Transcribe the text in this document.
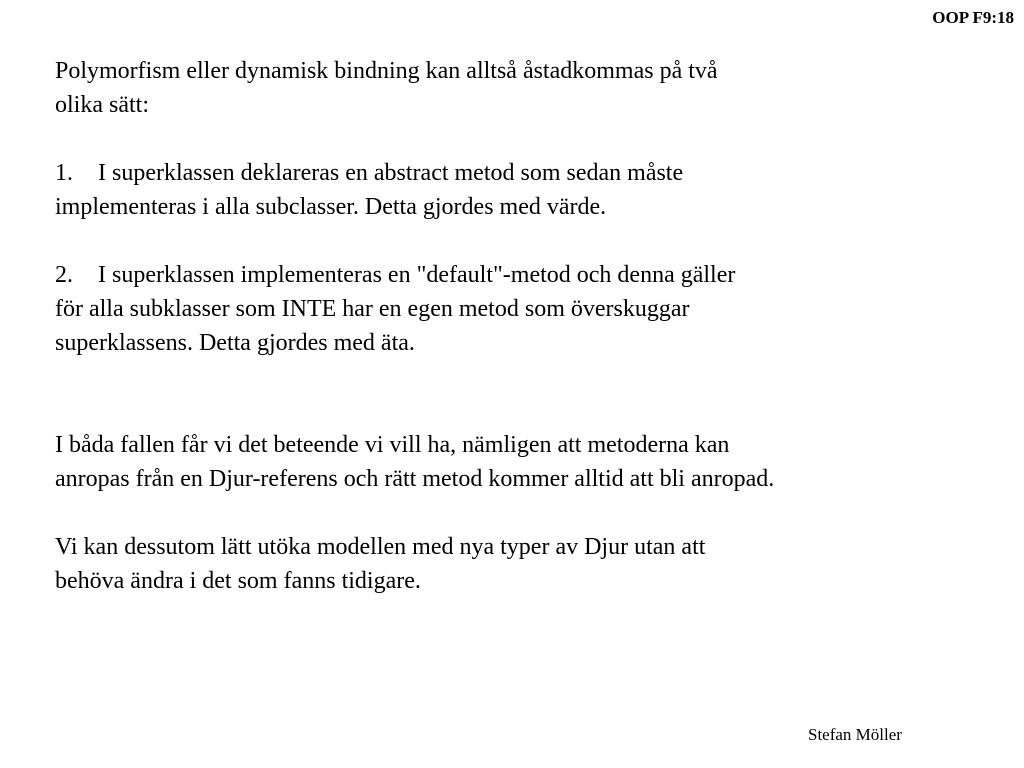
OOP F9:18

Polymorfism eller dynamisk bindning kan alltså åstadkommas på två

olika sätt:

1. I superklassen deklareras en abstract metod som sedan måste

implementeras i alla subclasser. Detta gjordes med värde.

2. I superklassen implementeras en "default"-metod och denna gäller

för alla subklasser som INTE har en egen metod som överskuggar

superklassens. Detta gjordes med äta.

I båda fallen får vi det beteende vi vill ha, nämligen att metoderna kan

anropas från en Djur-referens och rätt metod kommer alltid att bli anropad.

Vi kan dessutom lätt utöka modellen med nya typer av Djur utan att

behöva ändra i det som fanns tidigare.

Stefan Möller
